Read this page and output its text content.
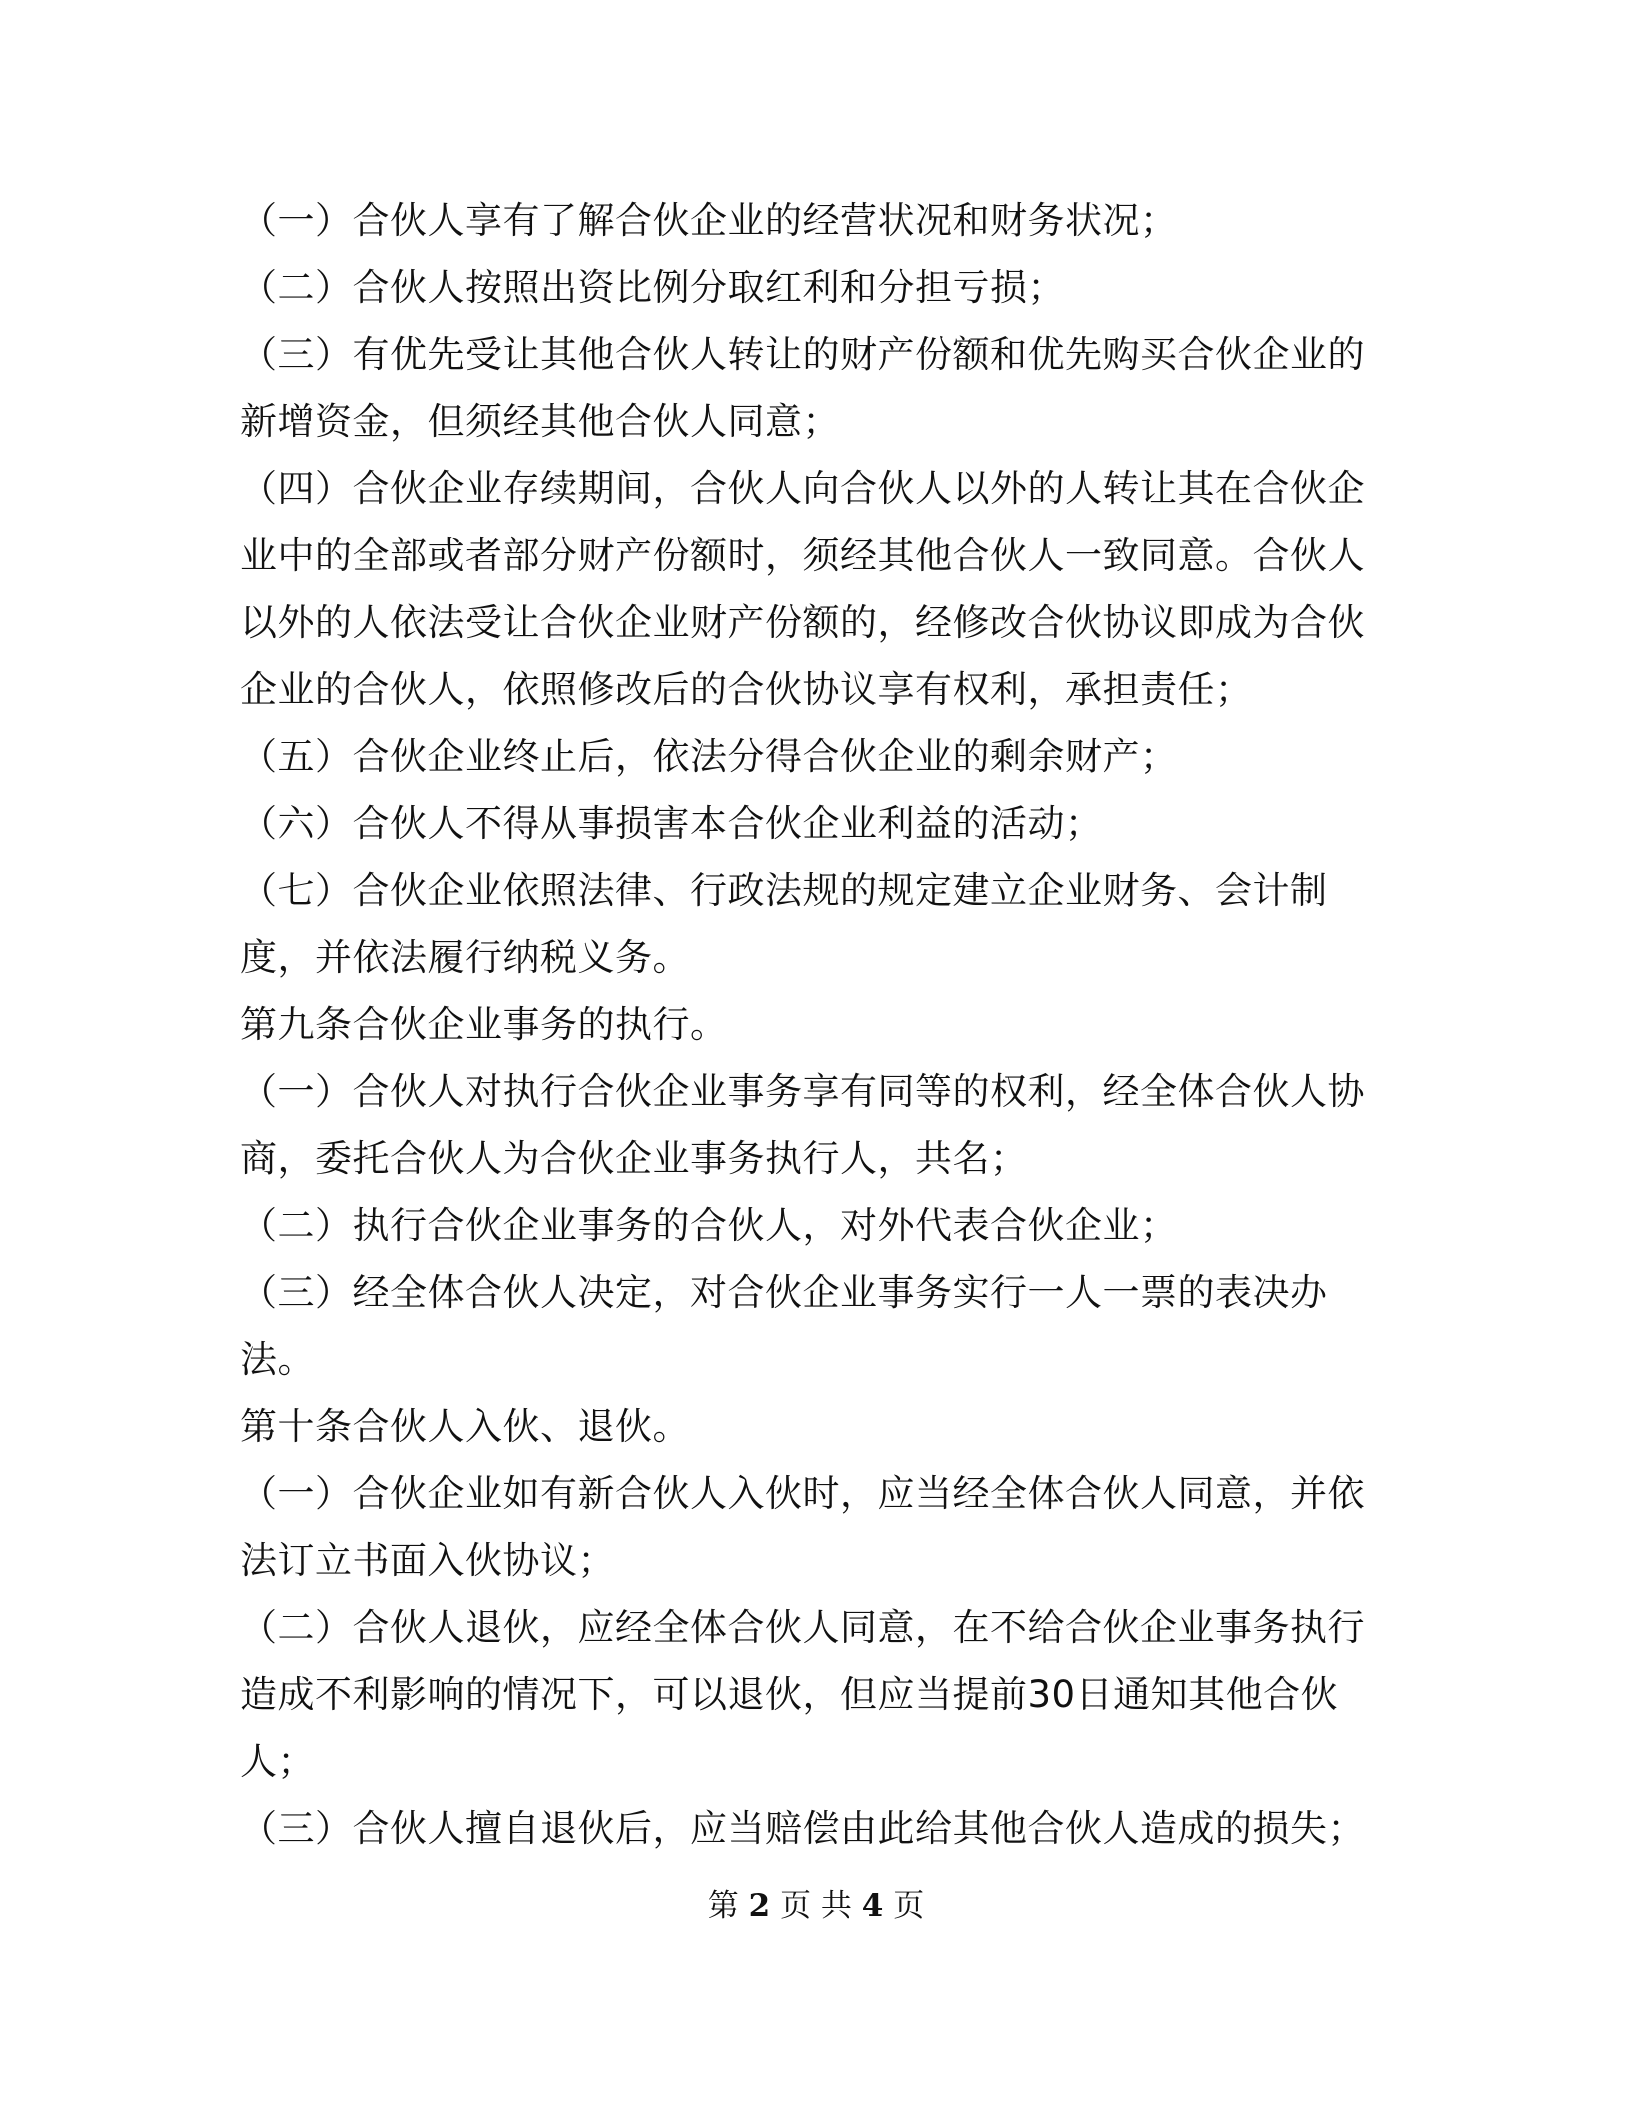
（一）合伙人享有了解合伙企业的经营状况和财务状况；

（二）合伙人按照出资比例分取红利和分担亏损；

（三）有优先受让其他合伙人转让的财产份额和优先购买合伙企业的新增资金，但须经其他合伙人同意；

（四）合伙企业存续期间，合伙人向合伙人以外的人转让其在合伙企业中的全部或者部分财产份额时，须经其他合伙人一致同意。合伙人以外的人依法受让合伙企业财产份额的，经修改合伙协议即成为合伙企业的合伙人，依照修改后的合伙协议享有权利，承担责任；

（五）合伙企业终止后，依法分得合伙企业的剩余财产；

（六）合伙人不得从事损害本合伙企业利益的活动；

（七）合伙企业依照法律、行政法规的规定建立企业财务、会计制度，并依法履行纳税义务。

第九条合伙企业事务的执行。

（一）合伙人对执行合伙企业事务享有同等的权利，经全体合伙人协商，委托合伙人为合伙企业事务执行人，共名；

（二）执行合伙企业事务的合伙人，对外代表合伙企业；

（三）经全体合伙人决定，对合伙企业事务实行一人一票的表决办法。

第十条合伙人入伙、退伙。

（一）合伙企业如有新合伙人入伙时，应当经全体合伙人同意，并依法订立书面入伙协议；

（二）合伙人退伙，应经全体合伙人同意，在不给合伙企业事务执行造成不利影响的情况下，可以退伙，但应当提前30日通知其他合伙人；

（三）合伙人擅自退伙后，应当赔偿由此给其他合伙人造成的损失；

第 2 页 共 4 页
